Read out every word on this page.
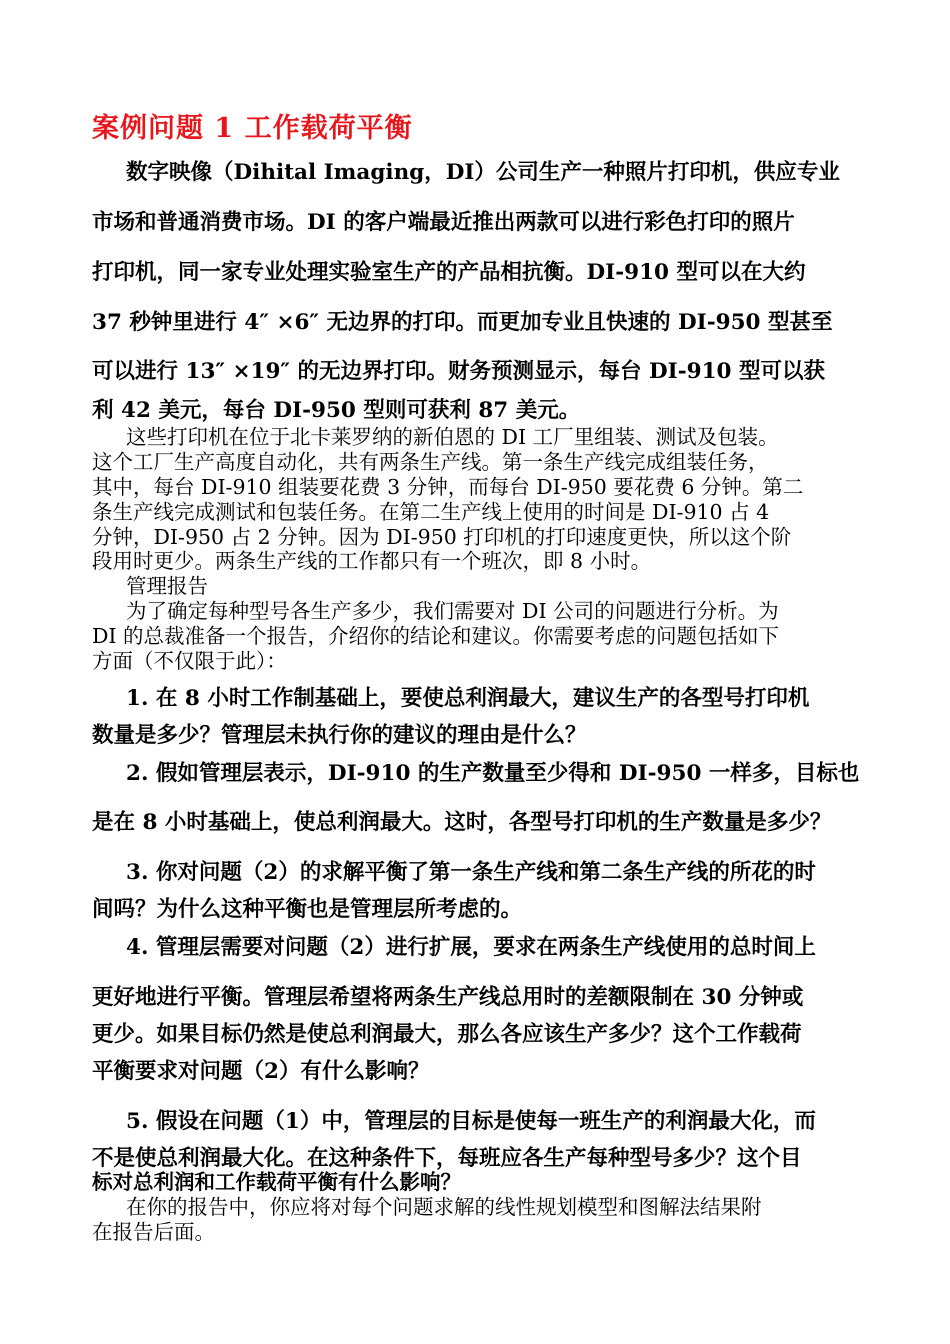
案例问题 1 工作载荷平衡
数字映像（Dihital Imaging，DI）公司生产一种照片打印机，供应专业
市场和普通消费市场。DI 的客户端最近推出两款可以进行彩色打印的照片
打印机，同一家专业处理实验室生产的产品相抗衡。DI-910 型可以在大约
37 秒钟里进行 4″ ×6″ 无边界的打印。而更加专业且快速的 DI-950 型甚至
可以进行 13″ ×19″ 的无边界打印。财务预测显示，每台 DI-910 型可以获
利 42 美元，每台 DI-950 型则可获利 87 美元。
这些打印机在位于北卡莱罗纳的新伯恩的 DI 工厂里组装、测试及包装。
这个工厂生产高度自动化，共有两条生产线。第一条生产线完成组装任务，
其中，每台 DI-910 组装要花费 3 分钟，而每台 DI-950 要花费 6 分钟。第二
条生产线完成测试和包装任务。在第二生产线上使用的时间是 DI-910 占 4
分钟，DI-950 占 2 分钟。因为 DI-950 打印机的打印速度更快，所以这个阶
段用时更少。两条生产线的工作都只有一个班次，即 8 小时。
管理报告
为了确定每种型号各生产多少，我们需要对 DI 公司的问题进行分析。为
DI 的总裁准备一个报告，介绍你的结论和建议。你需要考虑的问题包括如下
方面（不仅限于此）：
1. 在 8 小时工作制基础上，要使总利润最大，建议生产的各型号打印机
数量是多少？管理层未执行你的建议的理由是什么？
2. 假如管理层表示，DI-910 的生产数量至少得和 DI-950 一样多，目标也
是在 8 小时基础上，使总利润最大。这时，各型号打印机的生产数量是多少？
3. 你对问题（2）的求解平衡了第一条生产线和第二条生产线的所花的时
间吗？为什么这种平衡也是管理层所考虑的。
4. 管理层需要对问题（2）进行扩展，要求在两条生产线使用的总时间上
更好地进行平衡。管理层希望将两条生产线总用时的差额限制在 30 分钟或
更少。如果目标仍然是使总利润最大，那么各应该生产多少？这个工作载荷
平衡要求对问题（2）有什么影响？
5. 假设在问题（1）中，管理层的目标是使每一班生产的利润最大化，而
不是使总利润最大化。在这种条件下，每班应各生产每种型号多少？这个目
标对总利润和工作载荷平衡有什么影响？
在你的报告中，你应将对每个问题求解的线性规划模型和图解法结果附
在报告后面。
